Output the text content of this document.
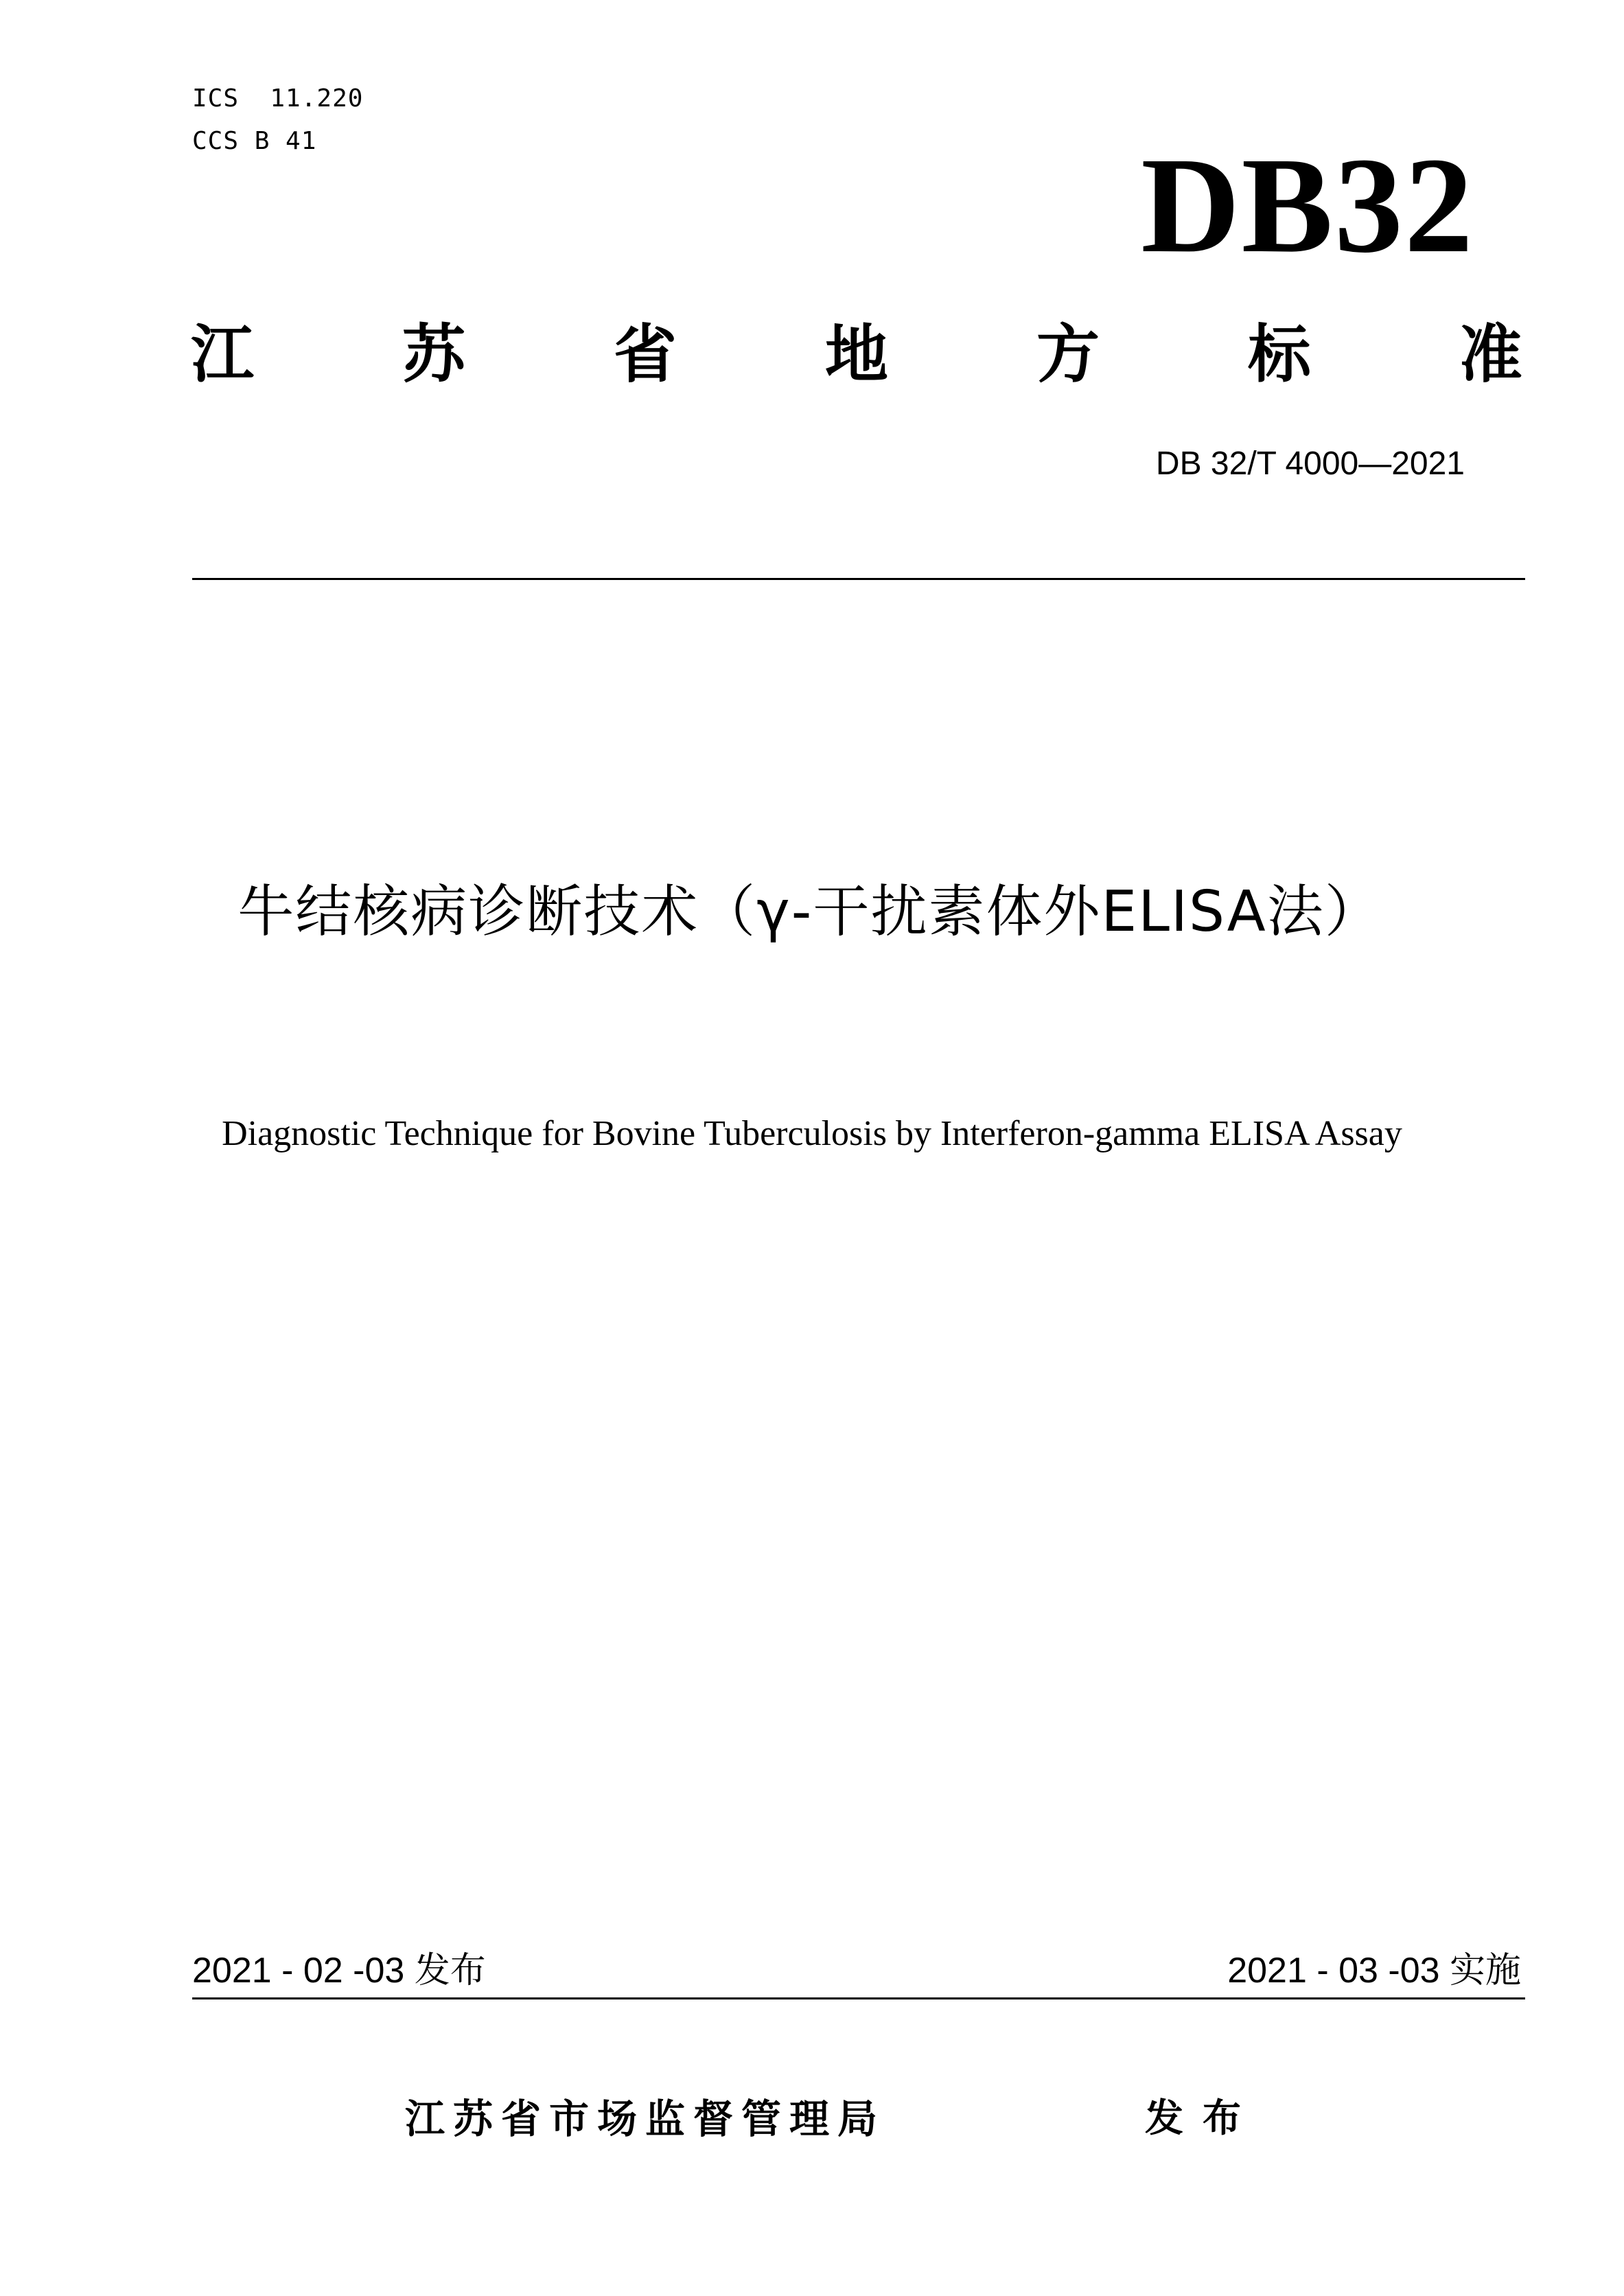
ICS  11.220
CCS B 41	DB32
江 苏 省 地 方 标 准
DB 32/T 4000—2021
牛结核病诊断技术（γ-干扰素体外ELISA法）
Diagnostic Technique for Bovine Tuberculosis by Interferon-gamma ELISA Assay
2021 - 02 -03 发布	2021 - 03 -03 实施
江苏省市场监督管理局	发布
